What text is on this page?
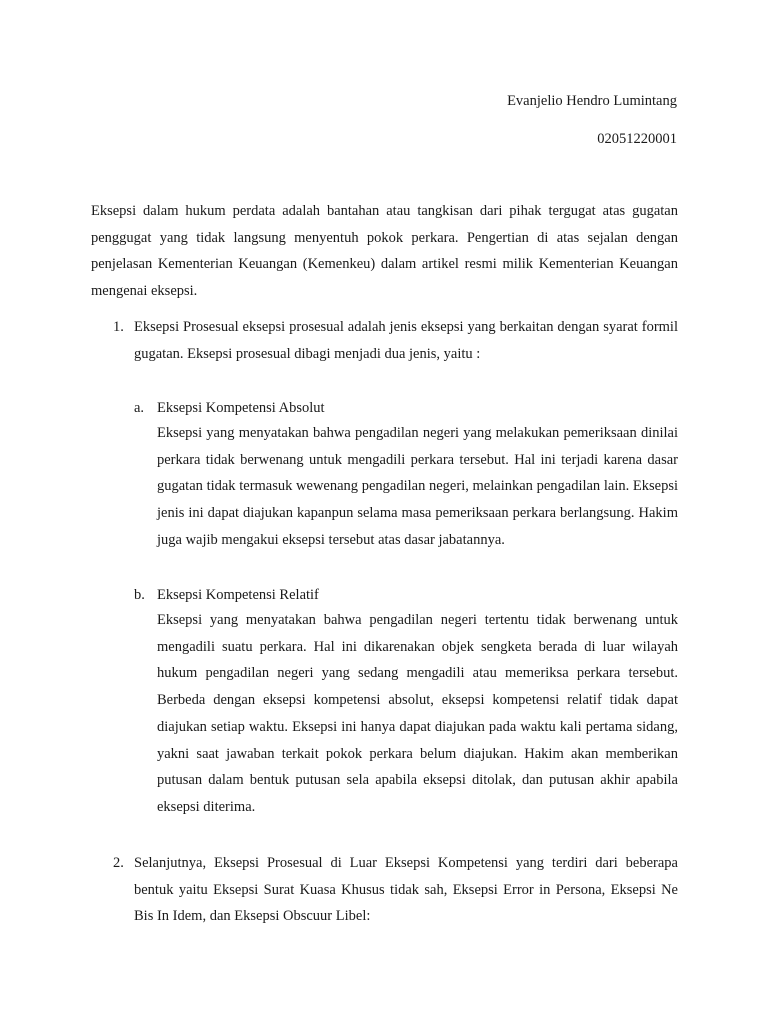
Evanjelio Hendro Lumintang
02051220001
Eksepsi dalam hukum perdata adalah bantahan atau tangkisan dari pihak tergugat atas gugatan penggugat yang tidak langsung menyentuh pokok perkara. Pengertian di atas sejalan dengan penjelasan Kementerian Keuangan (Kemenkeu) dalam artikel resmi milik Kementerian Keuangan mengenai eksepsi.
1. Eksepsi Prosesual eksepsi prosesual adalah jenis eksepsi yang berkaitan dengan syarat formil gugatan. Eksepsi prosesual dibagi menjadi dua jenis, yaitu :
a. Eksepsi Kompetensi Absolut
Eksepsi yang menyatakan bahwa pengadilan negeri yang melakukan pemeriksaan dinilai perkara tidak berwenang untuk mengadili perkara tersebut. Hal ini terjadi karena dasar gugatan tidak termasuk wewenang pengadilan negeri, melainkan pengadilan lain. Eksepsi jenis ini dapat diajukan kapanpun selama masa pemeriksaan perkara berlangsung. Hakim juga wajib mengakui eksepsi tersebut atas dasar jabatannya.
b. Eksepsi Kompetensi Relatif
Eksepsi yang menyatakan bahwa pengadilan negeri tertentu tidak berwenang untuk mengadili suatu perkara. Hal ini dikarenakan objek sengketa berada di luar wilayah hukum pengadilan negeri yang sedang mengadili atau memeriksa perkara tersebut. Berbeda dengan eksepsi kompetensi absolut, eksepsi kompetensi relatif tidak dapat diajukan setiap waktu. Eksepsi ini hanya dapat diajukan pada waktu kali pertama sidang, yakni saat jawaban terkait pokok perkara belum diajukan. Hakim akan memberikan putusan dalam bentuk putusan sela apabila eksepsi ditolak, dan putusan akhir apabila eksepsi diterima.
2. Selanjutnya, Eksepsi Prosesual di Luar Eksepsi Kompetensi yang terdiri dari beberapa bentuk yaitu Eksepsi Surat Kuasa Khusus tidak sah, Eksepsi Error in Persona, Eksepsi Ne Bis In Idem, dan Eksepsi Obscuur Libel:
